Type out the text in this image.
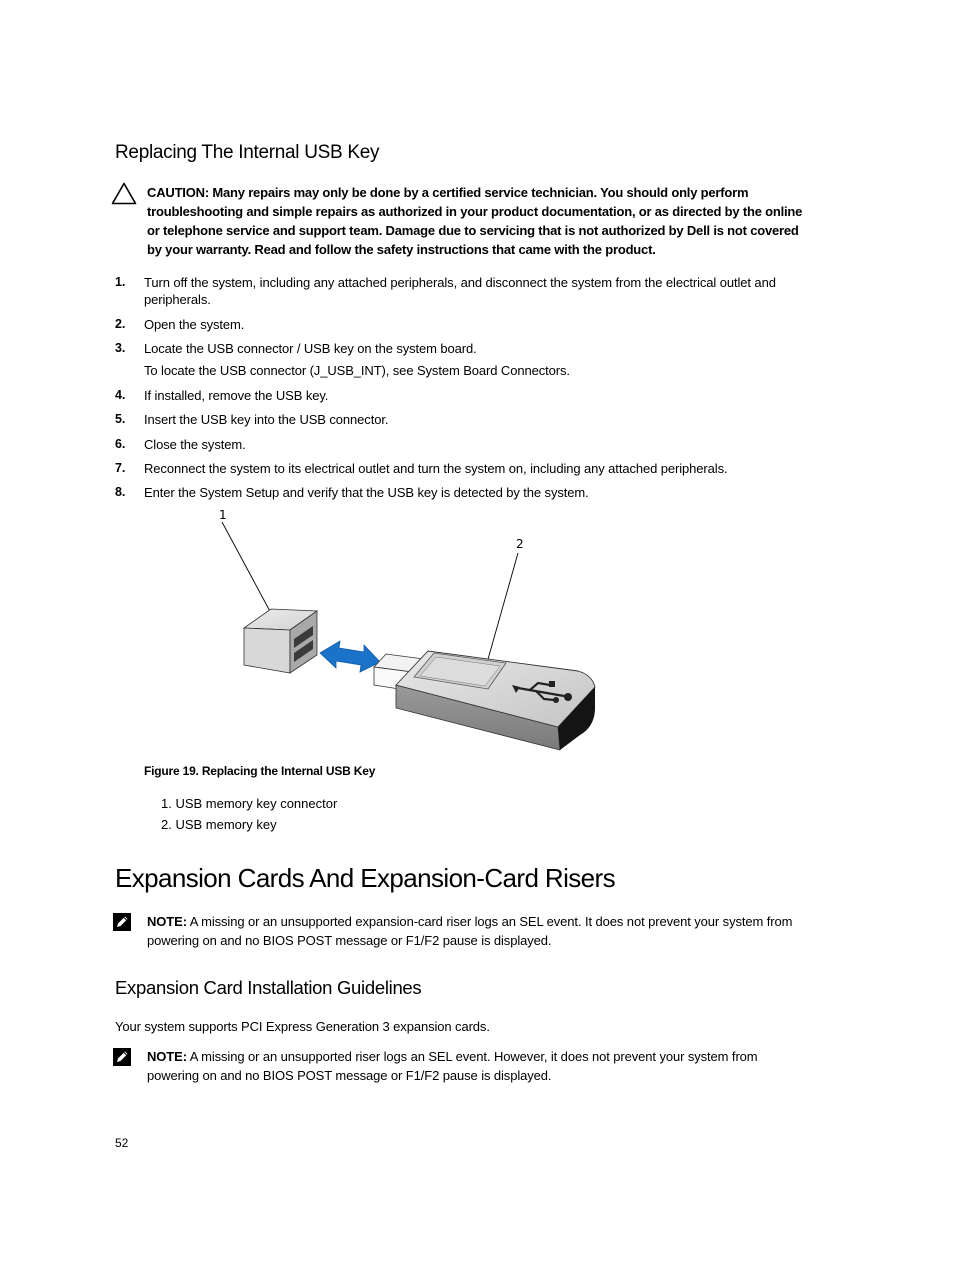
Replacing The Internal USB Key
CAUTION: Many repairs may only be done by a certified service technician. You should only perform troubleshooting and simple repairs as authorized in your product documentation, or as directed by the online or telephone service and support team. Damage due to servicing that is not authorized by Dell is not covered by your warranty. Read and follow the safety instructions that came with the product.
1. Turn off the system, including any attached peripherals, and disconnect the system from the electrical outlet and peripherals.
2. Open the system.
3. Locate the USB connector / USB key on the system board.
To locate the USB connector (J_USB_INT), see System Board Connectors.
4. If installed, remove the USB key.
5. Insert the USB key into the USB connector.
6. Close the system.
7. Reconnect the system to its electrical outlet and turn the system on, including any attached peripherals.
8. Enter the System Setup and verify that the USB key is detected by the system.
1
2
Figure 19. Replacing the Internal USB Key
1. USB memory key connector
2. USB memory key
Expansion Cards And Expansion-Card Risers
NOTE: A missing or an unsupported expansion-card riser logs an SEL event. It does not prevent your system from powering on and no BIOS POST message or F1/F2 pause is displayed.
Expansion Card Installation Guidelines
Your system supports PCI Express Generation 3 expansion cards.
NOTE: A missing or an unsupported riser logs an SEL event. However, it does not prevent your system from powering on and no BIOS POST message or F1/F2 pause is displayed.
52
